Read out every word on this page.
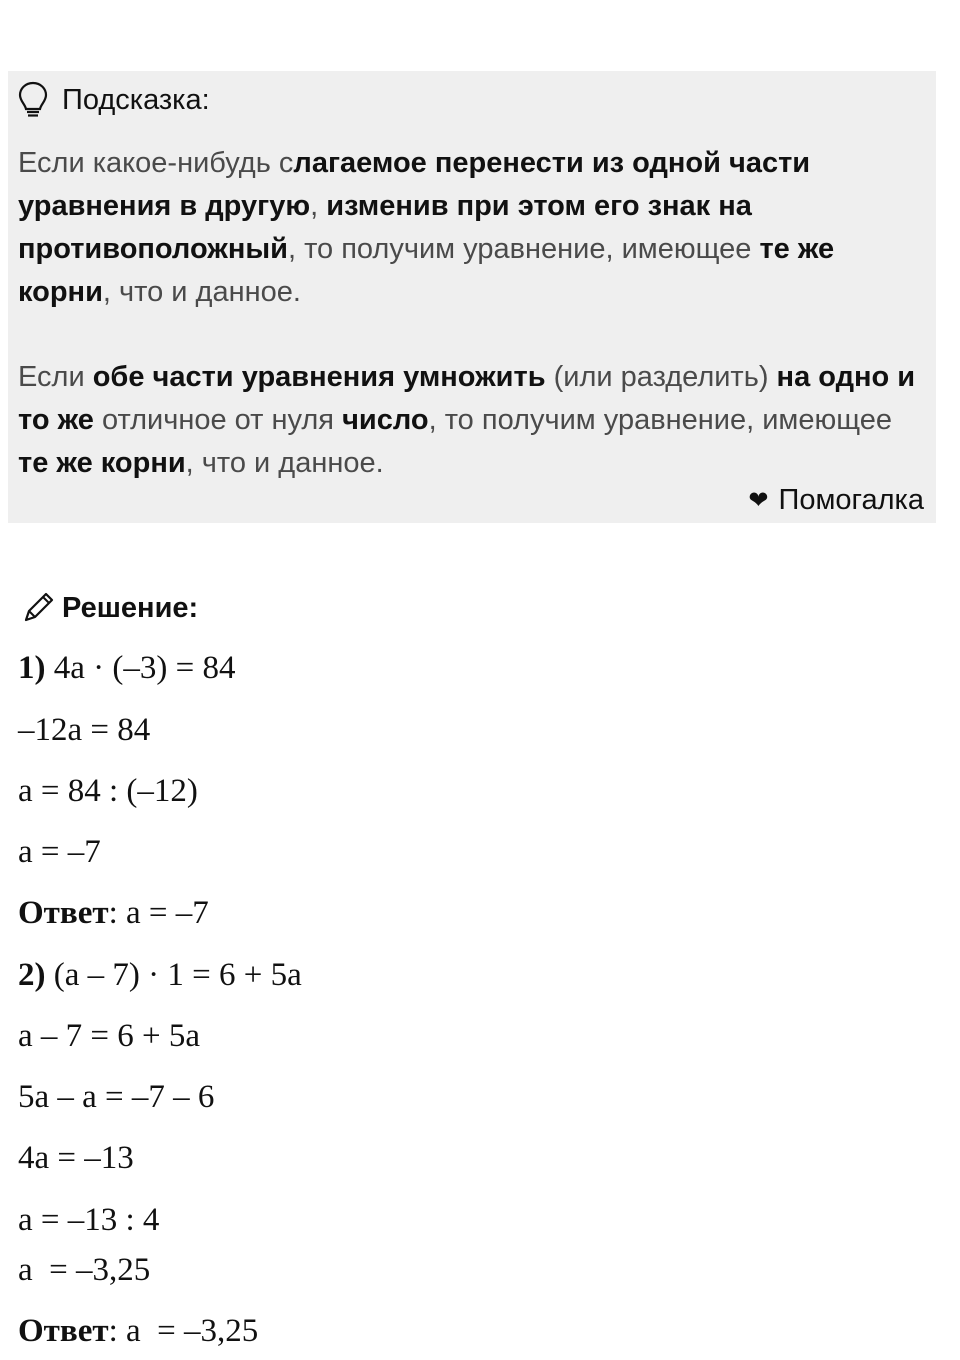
Подсказка:
Если какое-нибудь слагаемое перенести из одной части уравнения в другую, изменив при этом его знак на противоположный, то получим уравнение, имеющее те же корни, что и данное.
Если обе части уравнения умножить (или разделить) на одно и то же отличное от нуля число, то получим уравнение, имеющее те же корни, что и данное.
❤ Помогалка
Решение:
1) 4a · (–3) = 84
–12a = 84
a = 84 : (–12)
a = –7
Ответ: a = –7
2) (a – 7) · 1 = 6 + 5a
a – 7 = 6 + 5a
5a – a = –7 – 6
4a = –13
a = –13 : 4
a  = –3,25
Ответ: a  = –3,25
